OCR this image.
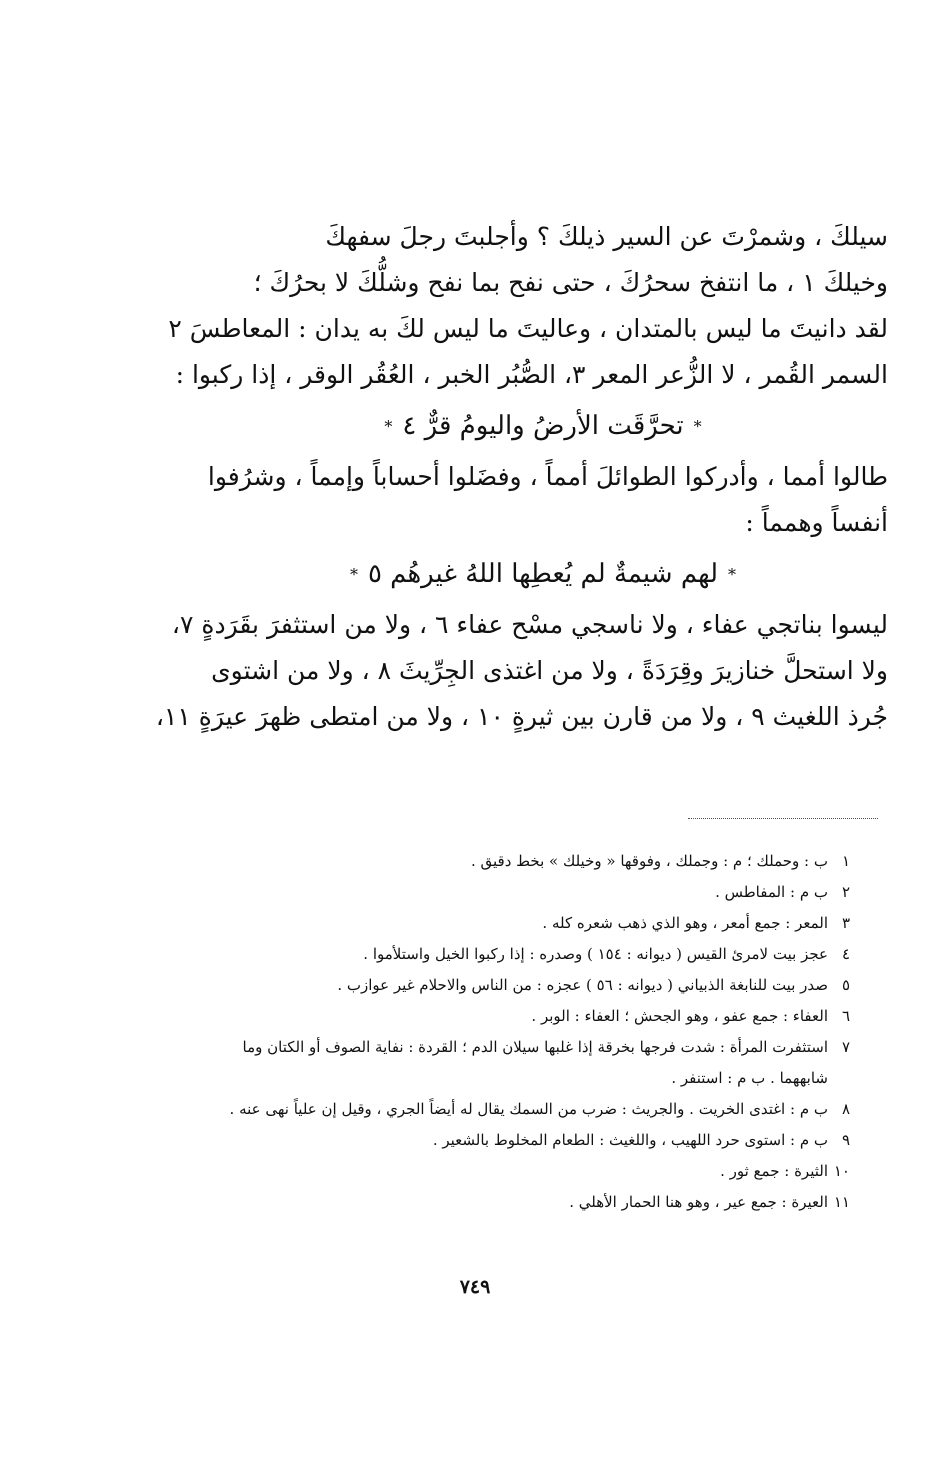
سيلكَ ، وشمرْتَ عن السير ذيلكَ ؟ وأجلبتَ رجلَ سفهكَ
وخيلكَ ١ ، ما انتفخ سحرُكَ ، حتى نفح بما نفح وشلُّكَ لا بحرُكَ ؛
لقد دانيتَ ما ليس بالمتدان ، وعاليتَ ما ليس لكَ به يدان : المعاطسَ ٢
السمر القُمر ، لا الزُّعر المعر ٣، الصُّبُر الخبر ، العُقُر الوقر ، إذا ركبوا :
*تحرَّقَت الأرضُ واليومُ قرٌّ ٤*
طالوا أمما ، وأدركوا الطوائلَ أمماً ، وفضَلوا أحساباً وإمماً ، وشرُفوا
أنفساً وهمماً :
*لهم شيمةٌ لم يُعطِها اللهُ غيرهُم ٥*
ليسوا بناتجي عفاء ، ولا ناسجي مسْح عفاء ٦ ، ولا من استثفرَ بقَرَدةٍ ٧،
ولا استحلَّ خنازيرَ وقِرَدَةً ، ولا من اغتذى الجِرِّيثَ ٨ ، ولا من اشتوى
جُرذ اللغيث ٩ ، ولا من قارن بين ثيرةٍ ١٠ ، ولا من امتطى ظهرَ عيرَةٍ ١١،
١
ب : وحملك ؛ م : وجملك ، وفوقها « وخيلك » بخط دقيق .
٢
ب م : المفاطس .
٣
المعر : جمع أمعر ، وهو الذي ذهب شعره كله .
٤
عجز بيت لامرئ القيس ( ديوانه : ١٥٤ ) وصدره : إذا ركبوا الخيل واستلأموا .
٥
صدر بيت للنابغة الذبياني ( ديوانه : ٥٦ ) عجزه : من الناس والاحلام غير عوازب .
٦
العفاء : جمع عفو ، وهو الجحش ؛ العفاء : الوبر .
٧
استثفرت المرأة : شدت فرجها بخرقة إذا غلبها سيلان الدم ؛ القردة : نفاية الصوف أو الكتان وما شابههما . ب م : استنفر .
٨
ب م : اغتدى الخريت . والجريث : ضرب من السمك يقال له أيضاً الجري ، وقيل إن علياً نهى عنه .
٩
ب م : استوى حرد اللهيب ، واللغيث : الطعام المخلوط بالشعير .
١٠
الثيرة : جمع ثور .
١١
العيرة : جمع عير ، وهو هنا الحمار الأهلي .
٧٤٩
